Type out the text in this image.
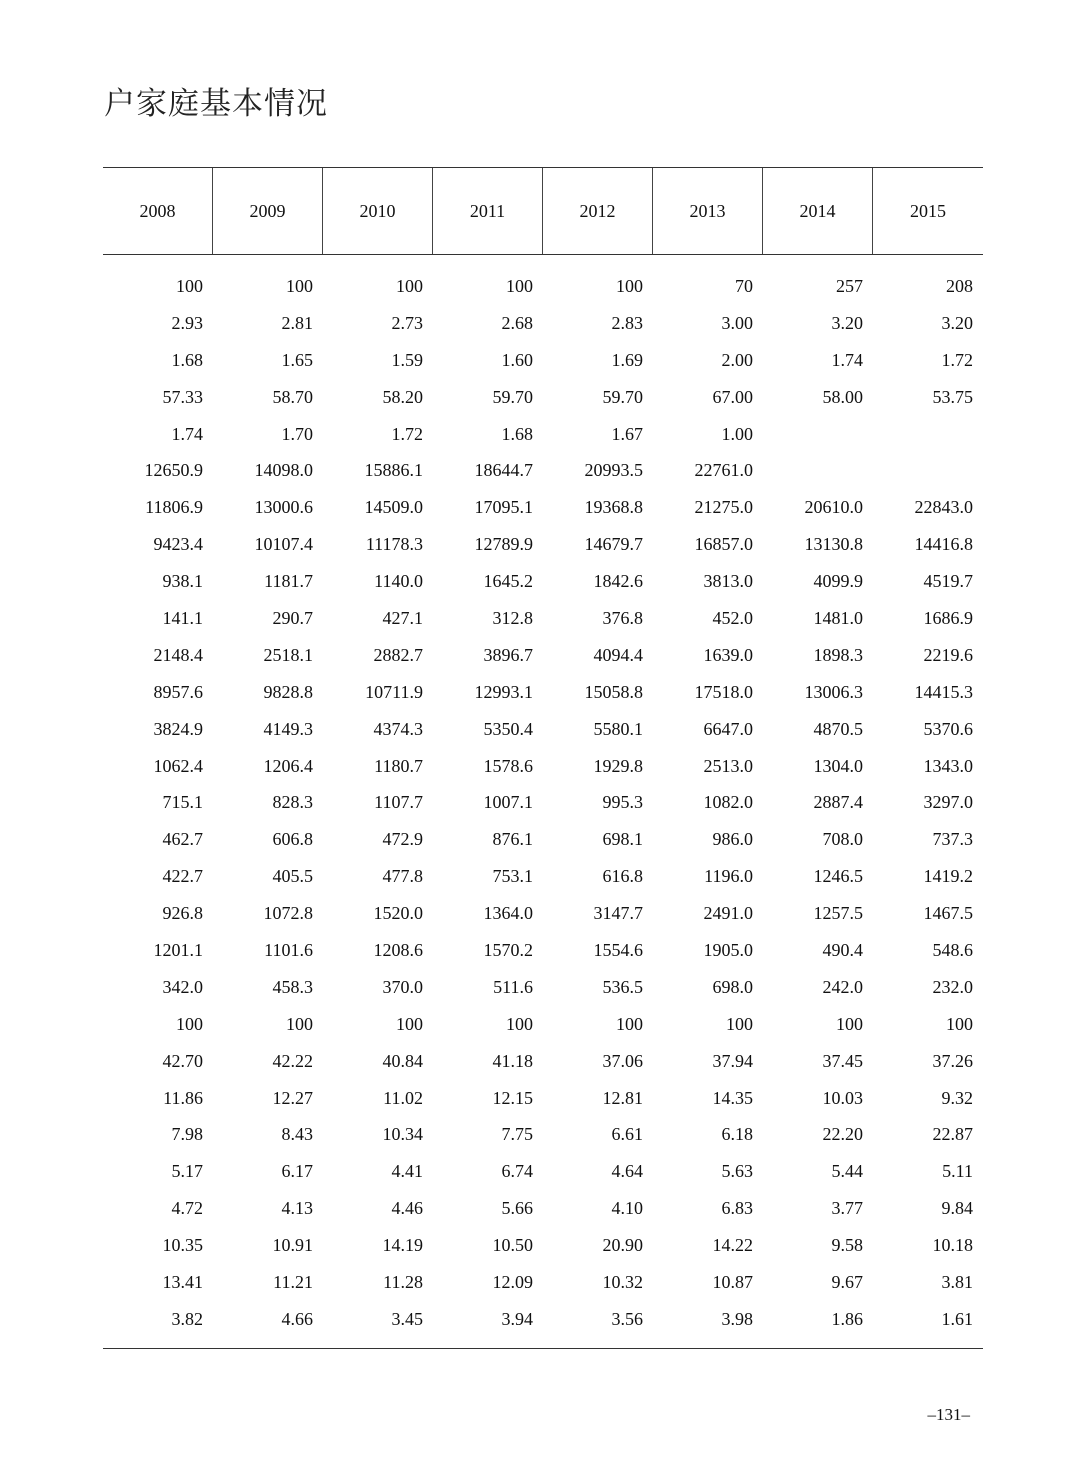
户家庭基本情况
2008	2009	2010	2011	2012	2013	2014	2015
100	100	100	100	100	70	257	208
2.93	2.81	2.73	2.68	2.83	3.00	3.20	3.20
1.68	1.65	1.59	1.60	1.69	2.00	1.74	1.72
57.33	58.70	58.20	59.70	59.70	67.00	58.00	53.75
1.74	1.70	1.72	1.68	1.67	1.00
12650.9	14098.0	15886.1	18644.7	20993.5	22761.0
11806.9	13000.6	14509.0	17095.1	19368.8	21275.0	20610.0	22843.0
9423.4	10107.4	11178.3	12789.9	14679.7	16857.0	13130.8	14416.8
938.1	1181.7	1140.0	1645.2	1842.6	3813.0	4099.9	4519.7
141.1	290.7	427.1	312.8	376.8	452.0	1481.0	1686.9
2148.4	2518.1	2882.7	3896.7	4094.4	1639.0	1898.3	2219.6
8957.6	9828.8	10711.9	12993.1	15058.8	17518.0	13006.3	14415.3
3824.9	4149.3	4374.3	5350.4	5580.1	6647.0	4870.5	5370.6
1062.4	1206.4	1180.7	1578.6	1929.8	2513.0	1304.0	1343.0
715.1	828.3	1107.7	1007.1	995.3	1082.0	2887.4	3297.0
462.7	606.8	472.9	876.1	698.1	986.0	708.0	737.3
422.7	405.5	477.8	753.1	616.8	1196.0	1246.5	1419.2
926.8	1072.8	1520.0	1364.0	3147.7	2491.0	1257.5	1467.5
1201.1	1101.6	1208.6	1570.2	1554.6	1905.0	490.4	548.6
342.0	458.3	370.0	511.6	536.5	698.0	242.0	232.0
100	100	100	100	100	100	100	100
42.70	42.22	40.84	41.18	37.06	37.94	37.45	37.26
11.86	12.27	11.02	12.15	12.81	14.35	10.03	9.32
7.98	8.43	10.34	7.75	6.61	6.18	22.20	22.87
5.17	6.17	4.41	6.74	4.64	5.63	5.44	5.11
4.72	4.13	4.46	5.66	4.10	6.83	3.77	9.84
10.35	10.91	14.19	10.50	20.90	14.22	9.58	10.18
13.41	11.21	11.28	12.09	10.32	10.87	9.67	3.81
3.82	4.66	3.45	3.94	3.56	3.98	1.86	1.61
–131–
